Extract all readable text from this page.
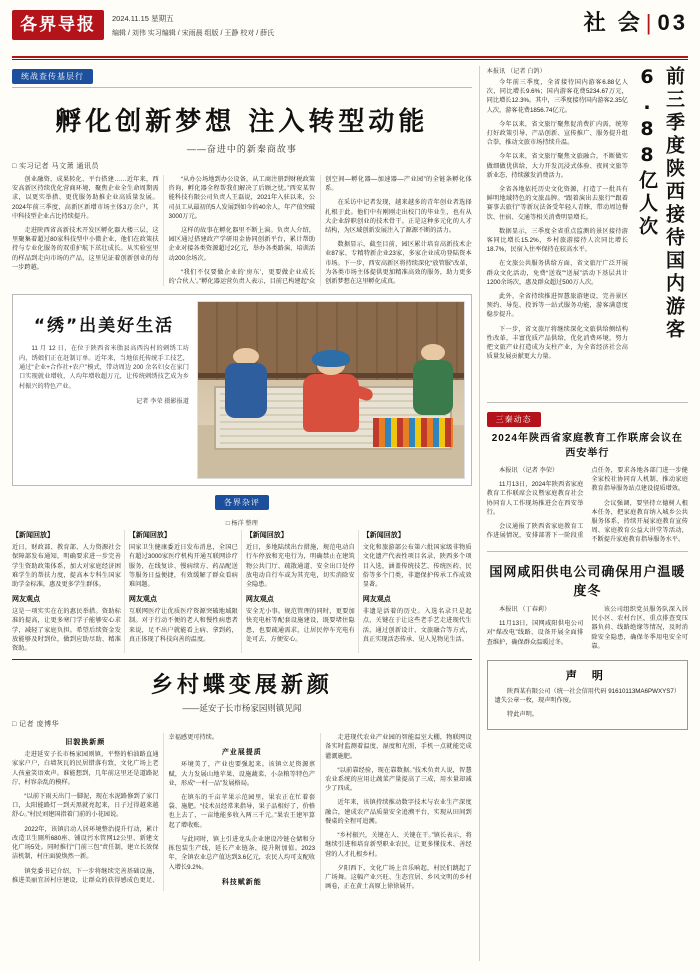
各界导报	2024.11.15 星期五
编辑 / 刘伟 实习编辑 / 宋雨晨 组版 / 王静 校对 / 薛氏	社 会 | 03
统战查传基层行
孵化创新梦想 注入转型动能
——奋进中的新秦商故事
□ 实习记者 马文萧 通讯员

创业融资、成果转化、平台搭建……近年来，西安高新区持续优化营商环境，聚焦企业全生命周期需求，以更实举措、更优服务助推企业高质量发展。2024年前三季度，高新区新增市场主体3万余户，其中科技型企业占比持续提升。

走进陕西省高新技术开发区孵化器大楼三层，这里聚集着超过80家科技型中小微企业，他们在政策扶持与专业化服务的双重护航下茁壮成长。从实验室里的样品到走向市场的产品，这里见证着创新创业的每一步跨越。

“从办公场地到办公设备，从工商注册到财税政策咨询，孵化器全程帮我们解决了后顾之忧。”西安某智能科技有限公司负责人王磊说，2021年入驻以来，公司员工从最初的5人发展到如今的40余人，年产值突破3000万元。

这样的故事在孵化器里不断上演。负责人介绍，园区通过搭建政产学研用金协同创新平台，累计帮助企业对接各类资源超过2亿元，举办各类路演、培训活动200余场次。

“我们不仅要做企业的‘房东’，更要做企业成长的‘合伙人’。”孵化器运营负责人表示，目前已构建起“众创空间—孵化器—加速器—产业园”的全链条孵化体系。

在采访中记者发现，越来越多的青年创业者选择扎根于此。他们中有刚刚走出校门的毕业生，也有从大企业辞职创业的技术骨干。正是这种多元化的人才结构，为区域创新发展注入了源源不断的活力。

数据显示，截至目前，园区累计培育高新技术企业87家、专精特新企业23家，多家企业成功登陆资本市场。下一步，西安高新区将持续深化“放管服”改革，为各类市场主体提供更加精准高效的服务，助力更多创新梦想在这里孵化成真。

“绣”出美好生活
11 月 12 日，在位于陕西省米脂县高西沟村的刺绣工坊内，绣娘们正在赶制订单。近年来，当地依托传统手工技艺，通过“企业+合作社+农户”模式，带动周边 200 余名妇女在家门口实现就业增收，人均年增收超万元，让传统刺绣技艺成为乡村振兴的特色产业。
记者 李荣 摄影报道
各界杂评
□ 杨洋 整理
【新闻回放】

近日，财政部、教育部、人力资源社会保障部发布通知，明确要求进一步完善学生资助政策体系，加大对家庭经济困难学生的帮扶力度，提高本专科生国家助学金标准，惠及更多学生群体。

网友观点

这是一项实实在在的惠民举措。资助标准的提高，让更多寒门学子能够安心求学，减轻了家庭负担。希望后续资金发放能够及时到位，做到应助尽助、精准资助。

【新闻回放】

国家卫生健康委近日发布消息，全国已有超过3000家医疗机构开通互联网诊疗服务，在线复诊、慢病续方、药品配送等服务日益便捷，有效缓解了群众看病难问题。

网友观点

互联网医疗让优质医疗资源突破地域限制。对于行动不便的老人和慢性病患者来说，足不出户就能看上病、拿到药，真正体现了科技向善的温度。

【新闻回放】

近日，多地陆续出台措施，规范电动自行车停放和充电行为，明确禁止在建筑物公共门厅、疏散通道、安全出口处停放电动自行车或为其充电，切实消除安全隐患。

网友观点

安全无小事。规范管理的同时，更要加快充电桩等配套设施建设，既要堵住隐患，也要疏通需求，让居民停车充电有处可去、方便安心。

【新闻回放】

文化和旅游部公布第六批国家级非物质文化遗产代表性项目名录，陕西多个项目入选，涵盖传统技艺、传统医药、民俗等多个门类，非遗保护传承工作成效显著。

网友观点

非遗是活着的历史。入选名录只是起点，关键在于让这些老手艺走进现代生活，通过创新设计、文旅融合等方式，真正实现活态传承、见人见物见生活。

乡村蝶变展新颜
——延安子长市杨家园则镇见闻
□ 记者 庞博华
旧貌换新颜

走进延安子长市杨家园则镇，平整的柏油路直通家家户户，白墙灰瓦的民居错落有致，文化广场上老人孩童笑语欢声。谁能想到，几年前这里还是道路泥泞、村容杂乱的模样。

“以前下雨天出门一脚泥，现在水泥路修到了家门口，太阳能路灯一到天黑就亮起来，日子过得越来越舒心。”村民刘建国指着门前的小花园说。

2022年，该镇启动人居环境整治提升行动，累计改造卫生厕所680座、铺设污水管网12公里、新建文化广场5处。同时推行“门前三包”责任制，建立长效保洁机制，村庄面貌焕然一新。

镇党委书记介绍，下一步将继续完善基础设施，推进美丽宜居村庄建设，让群众的获得感成色更足、幸福感更可持续。

产业展提质

环境美了，产业也要强起来。该镇立足资源禀赋，大力发展山地苹果、设施蔬菜、小杂粮等特色产业，形成“一村一品”发展格局。

在镇东的千亩苹果示范园里，果农正在忙着套袋、施肥。“技术员经常来指导，果子品相好了，价格也上去了，一亩地能多收入两三千元。”果农王建军算起了增收账。

与此同时，镇上引进龙头企业建设冷链仓储和分拣包装生产线，延长产业链条，提升附加值。2023年，全镇农业总产值达到3.6亿元，农民人均可支配收入增长9.2%。

科技赋新能

走进现代农业产业园的智能温室大棚，物联网设备实时监测着温度、湿度和光照，手机一点就能完成灌溉施肥。

“以前靠经验，现在靠数据。”技术负责人说，智慧农业系统的应用让蔬菜产量提高了三成，用水量却减少了四成。

近年来，该镇持续推动数字技术与农业生产深度融合，建成农产品质量安全追溯平台，实现从田间到餐桌的全程可追溯。

“乡村振兴，关键在人、关键在干。”镇长表示，将继续引进和培育新型职业农民，让更多懂技术、善经营的人才扎根乡村。

夕阳西下，文化广场上音乐响起，村民们跳起了广场舞。这幅产业兴旺、生态宜居、乡风文明的乡村画卷，正在黄土高原上徐徐展开。

本报讯 （记者 白鸽）

今年前三季度，全省接待国内游客6.88亿人次，同比增长9.6%；国内游客花费5234.67万元，同比增长12.3%。其中，三季度接待国内游客2.35亿人次，游客花费1856.74亿元。

今年以来，省文旅厅聚焦促消费扩内需，统筹打好政策引导、产品创新、宣传推广、服务提升组合拳，推动文旅市场持续升温。

今年以来，省文旅厅聚焦文旅融合，不断做实做细做优供给，大力开发沉浸式体验、夜间文旅等新业态，持续激发消费活力。

全省各地依托历史文化资源，打造了一批具有鲜明地域特色的文旅品牌。“跟着演出去旅行”“跟着赛事去旅行”等新玩法备受年轻人青睐，带动周边餐饮、住宿、交通等相关消费明显增长。

数据显示，三季度全省重点监测的景区接待游客同比增长15.2%，乡村旅游接待人次同比增长18.7%，民宿入住率保持在较高水平。

在文旅公共服务供给方面，省文旅厅广泛开展群众文化活动，免费“送戏”“送展”活动下基层共计1200余场次，惠及群众超过500万人次。

此外，全省持续推进智慧旅游建设，完善景区预约、导览、投诉等一站式服务功能，游客满意度稳步提升。

下一步，省文旅厅将继续深化文旅供给侧结构性改革，丰富优质产品供给，优化消费环境，努力把文旅产业打造成为支柱产业，为全省经济社会高质量发展贡献更大力量。

前三季度陕西接待国内游客6.88亿人次
三秦动态
2024年陕西省家庭教育工作联席会议在西安举行

本报讯 （记者 李荣）

11月13日，2024年陕西省家庭教育工作联席会议暨家庭教育社会协同育人工作现场推进会在西安举行。

会议通报了陕西省家庭教育工作进展情况，安排部署下一阶段重点任务，要求各地各部门进一步健全家校社协同育人机制，推动家庭教育指导服务站点建设提质增效。

会议强调，要坚持立德树人根本任务，把家庭教育纳入城乡公共服务体系，持续开展家庭教育宣传周、家庭教育公益大讲堂等活动，不断提升家庭教育指导服务水平。

国网咸阳供电公司确保用户温暖度冬

本报讯 （丁春莉）

11月13日，国网咸阳供电公司对“煤改电”线路、设备开展全面排查维护，确保群众温暖过冬。

该公司组织党员服务队深入居民小区、农村台区，重点排查变压器负荷、线路绝缘等情况，及时消除安全隐患，确保冬季用电安全可靠。

声 明

陕西某有限公司（统一社会信用代码 91610113MA6PWXYS7）遗失公章一枚，现声明作废。

特此声明。
